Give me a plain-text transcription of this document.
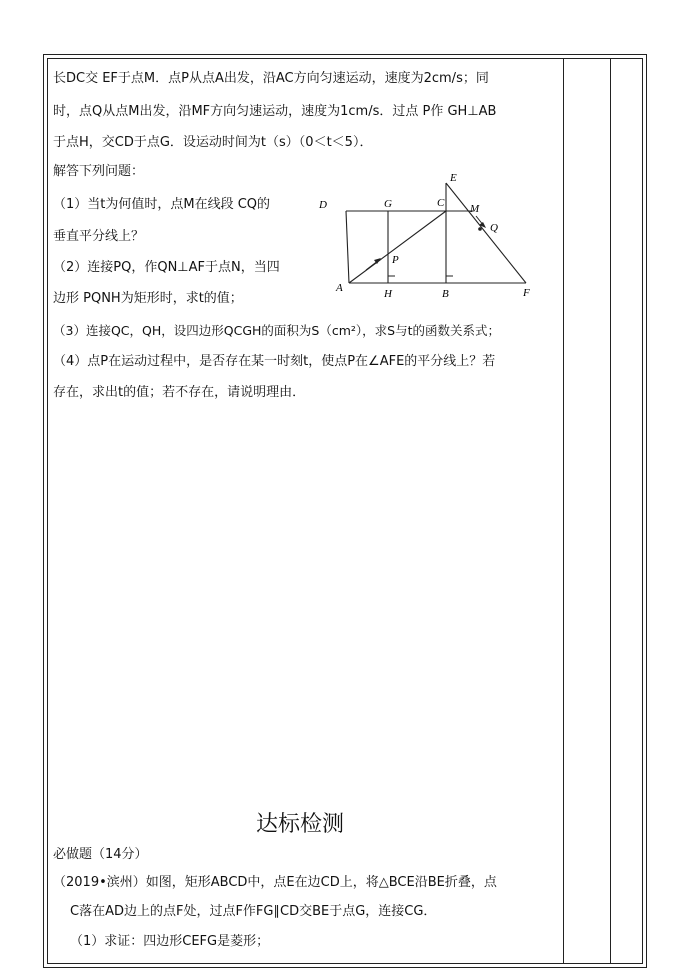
长DC交 EF于点M．点P从点A出发，沿AC方向匀速运动，速度为2cm/s；同
时，点Q从点M出发，沿MF方向匀速运动，速度为1cm/s．过点 P作 GH⊥AB
于点H，交CD于点G．设运动时间为t（s）（0＜t＜5）．
解答下列问题：
（1）当t为何值时，点M在线段 CQ的
垂直平分线上？
（2）连接PQ，作QN⊥AF于点N，当四
边形 PQNH为矩形时，求t的值；
（3）连接QC，QH，设四边形QCGH的面积为S（cm²），求S与t的函数关系式；
（4）点P在运动过程中，是否存在某一时刻t，使点P在∠AFE的平分线上？若
存在，求出t的值；若不存在，请说明理由．
E
D	G	C M
Q
P
A	H	B	F
达标检测
必做题（14分）
（2019•滨州）如图，矩形ABCD中，点E在边CD上，将△BCE沿BE折叠，点
C落在AD边上的点F处，过点F作FG∥CD交BE于点G，连接CG．
（1）求证：四边形CEFG是菱形；
